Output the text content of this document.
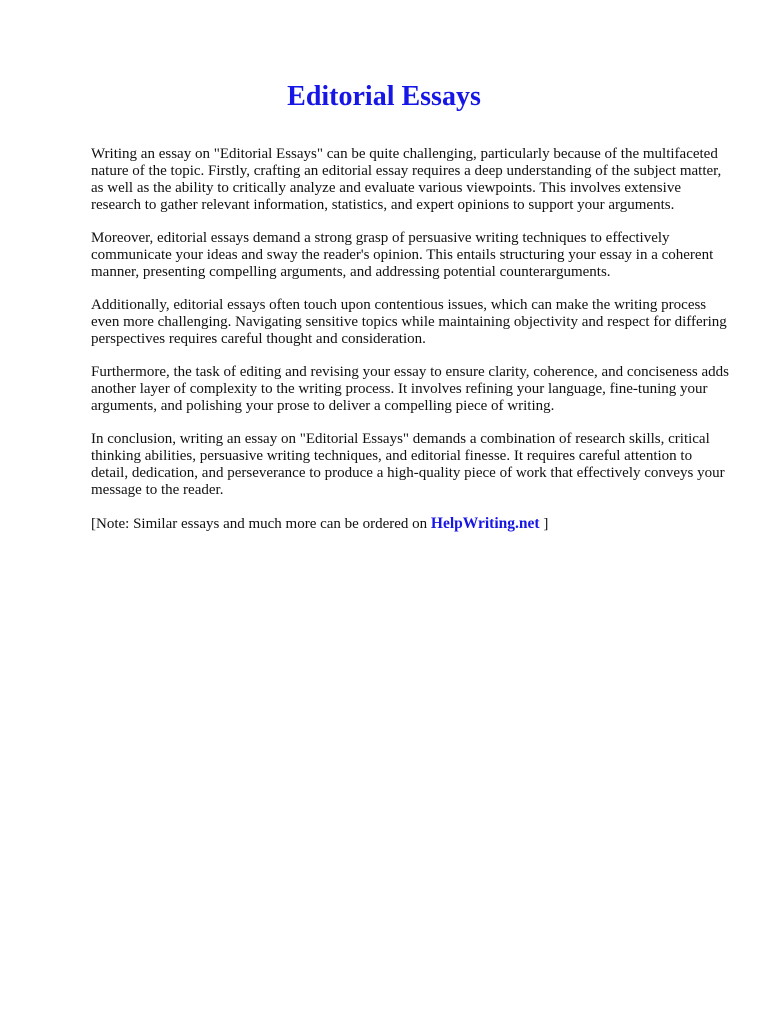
Editorial Essays

Writing an essay on "Editorial Essays" can be quite challenging, particularly because of the multifaceted nature of the topic. Firstly, crafting an editorial essay requires a deep understanding of the subject matter, as well as the ability to critically analyze and evaluate various viewpoints. This involves extensive research to gather relevant information, statistics, and expert opinions to support your arguments.

Moreover, editorial essays demand a strong grasp of persuasive writing techniques to effectively communicate your ideas and sway the reader's opinion. This entails structuring your essay in a coherent manner, presenting compelling arguments, and addressing potential counterarguments.

Additionally, editorial essays often touch upon contentious issues, which can make the writing process even more challenging. Navigating sensitive topics while maintaining objectivity and respect for differing perspectives requires careful thought and consideration.

Furthermore, the task of editing and revising your essay to ensure clarity, coherence, and conciseness adds another layer of complexity to the writing process. It involves refining your language, fine-tuning your arguments, and polishing your prose to deliver a compelling piece of writing.

In conclusion, writing an essay on "Editorial Essays" demands a combination of research skills, critical thinking abilities, persuasive writing techniques, and editorial finesse. It requires careful attention to detail, dedication, and perseverance to produce a high-quality piece of work that effectively conveys your message to the reader.

[Note: Similar essays and much more can be ordered on HelpWriting.net ]
